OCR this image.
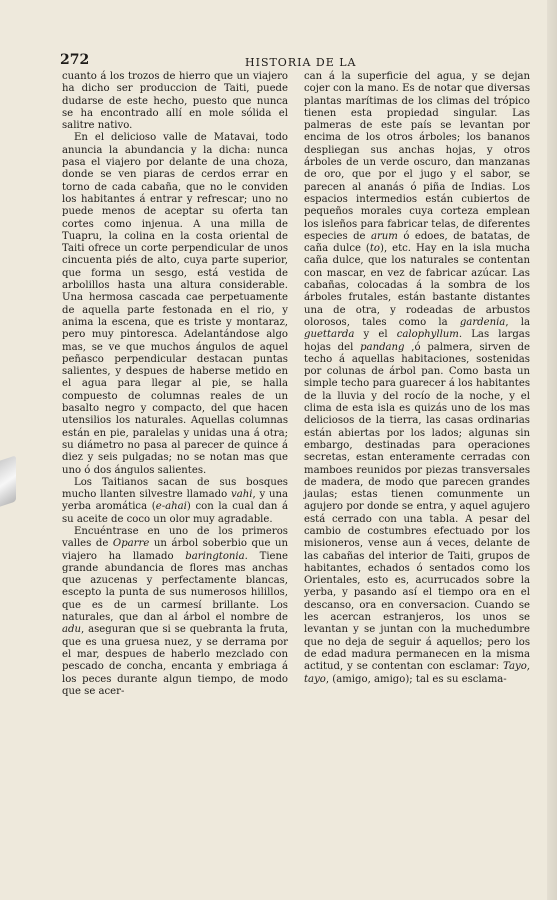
272	HISTORIA DE LA

cuanto á los trozos de hierro que un viajero ha dicho ser produccion de Taiti, puede dudarse de este hecho, puesto que nunca se ha encontrado allí en mole sólida el salitre nativo.

En el delicioso valle de Matavai, todo anuncia la abundancia y la dicha: nunca pasa el viajero por delante de una choza, donde se ven piaras de cerdos errar en torno de cada cabaña, que no le conviden los habitantes á entrar y refrescar; uno no puede menos de aceptar su oferta tan cortes como injenua. A una milla de Tuapru, la colina en la costa oriental de Taiti ofrece un corte perpendicular de unos cincuenta piés de alto, cuya parte superior, que forma un sesgo, está vestida de arbolillos hasta una altura considerable. Una hermosa cascada cae perpetuamente de aquella parte festonada en el rio, y anima la escena, que es triste y montaraz, pero muy pintoresca. Adelantándose algo mas, se ve que muchos ángulos de aquel peñasco perpendicular destacan puntas salientes, y despues de haberse metido en el agua para llegar al pie, se halla compuesto de columnas reales de un basalto negro y compacto, del que hacen utensilios los naturales. Aquellas columnas están en pie, paralelas y unidas una á otra; su diámetro no pasa al parecer de quince á diez y seis pulgadas; no se notan mas que uno ó dos ángulos salientes.

Los Taitianos sacan de sus bosques mucho llanten silvestre llamado vahi, y una yerba aromática (e-ahai) con la cual dan á su aceite de coco un olor muy agradable.

Encuéntrase en uno de los primeros valles de Oparre un árbol soberbio que un viajero ha llamado baringtonia. Tiene grande abundancia de flores mas anchas que azucenas y perfectamente blancas, escepto la punta de sus numerosos hilillos, que es de un carmesí brillante. Los naturales, que dan al árbol el nombre de adu, aseguran que si se quebranta la fruta, que es una gruesa nuez, y se derrama por el mar, despues de haberlo mezclado con pescado de concha, encanta y embriaga á los peces durante algun tiempo, de modo que se acer-

can á la superficie del agua, y se dejan cojer con la mano. Es de notar que diversas plantas marítimas de los climas del trópico tienen esta propiedad singular. Las palmeras de este país se levantan por encima de los otros árboles; los bananos despliegan sus anchas hojas, y otros árboles de un verde oscuro, dan manzanas de oro, que por el jugo y el sabor, se parecen al ananás ó piña de Indias. Los espacios intermedios están cubiertos de pequeños morales cuya corteza emplean los isleños para fabricar telas, de diferentes especies de arum ó edoes, de batatas, de caña dulce (to), etc. Hay en la isla mucha caña dulce, que los naturales se contentan con mascar, en vez de fabricar azúcar. Las cabañas, colocadas á la sombra de los árboles frutales, están bastante distantes una de otra, y rodeadas de arbustos olorosos, tales como la gardenia, la guettarda y el calophyllum. Las largas hojas del pandang ,ó palmera, sirven de techo á aquellas habitaciones, sostenidas por colunas de árbol pan. Como basta un simple techo para guarecer á los habitantes de la lluvia y del rocío de la noche, y el clima de esta isla es quizás uno de los mas deliciosos de la tierra, las casas ordinarias están abiertas por los lados; algunas sin embargo, destinadas para operaciones secretas, estan enteramente cerradas con mamboes reunidos por piezas transversales de madera, de modo que parecen grandes jaulas; estas tienen comunmente un agujero por donde se entra, y aquel agujero está cerrado con una tabla. A pesar del cambio de costumbres efectuado por los misioneros, vense aun á veces, delante de las cabañas del interior de Taiti, grupos de habitantes, echados ó sentados como los Orientales, esto es, acurrucados sobre la yerba, y pasando así el tiempo ora en el descanso, ora en conversacion. Cuando se les acercan estranjeros, los unos se levantan y se juntan con la muchedumbre que no deja de seguir á aquellos; pero los de edad madura permanecen en la misma actitud, y se contentan con esclamar: Tayo, tayo, (amigo, amigo); tal es su esclama-
